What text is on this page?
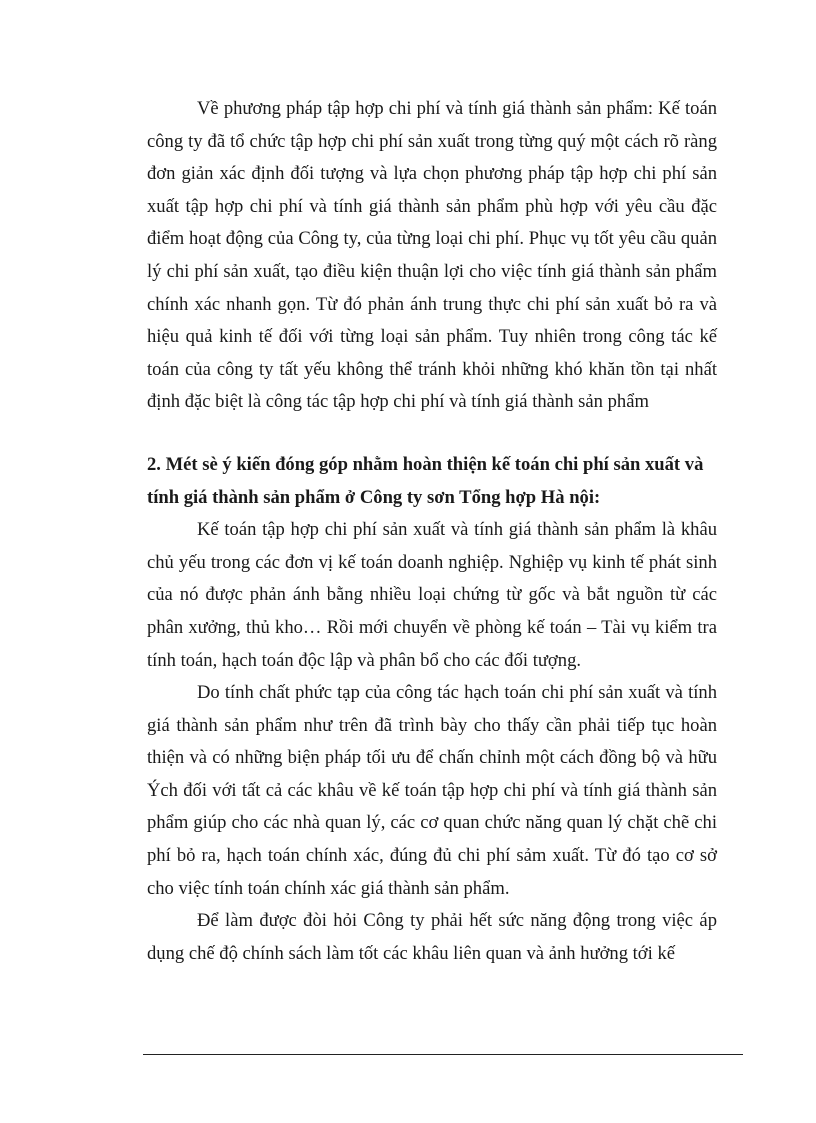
Về phương pháp tập hợp chi phí và tính giá thành sản phẩm: Kế toán công ty đã tổ chức tập hợp chi phí sản xuất trong từng quý một cách rõ ràng đơn giản xác định đối tượng và lựa chọn phương pháp tập hợp chi phí sản xuất tập hợp chi phí và tính giá thành sản phẩm phù hợp với yêu cầu đặc điểm hoạt động của Công ty, của từng loại chi phí. Phục vụ tốt yêu cầu quản lý chi phí sản xuất, tạo điều kiện thuận lợi cho việc tính giá thành sản phẩm chính xác nhanh gọn. Từ đó phản ánh trung thực chi phí sản xuất bỏ ra và hiệu quả kinh tế đối với từng loại sản phẩm. Tuy nhiên trong công tác kế toán của công ty tất yếu không thể tránh khỏi những khó khăn tồn tại nhất định đặc biệt là công tác tập hợp chi phí và tính giá thành sản phẩm

2. Mét sè ý kiến đóng góp nhằm hoàn thiện kế toán chi phí sản xuất và tính giá thành sản phẩm ở Công ty sơn Tổng hợp Hà nội:

Kế toán tập hợp chi phí sản xuất và tính giá thành sản phẩm là khâu chủ yếu trong các đơn vị kế toán doanh nghiệp. Nghiệp vụ kinh tế phát sinh của nó được phản ánh bằng nhiều loại chứng từ gốc và bắt nguồn từ các phân xưởng, thủ kho… Rồi mới chuyển về phòng kế toán – Tài vụ kiểm tra tính toán, hạch toán độc lập và phân bổ cho các đối tượng.

Do tính chất phức tạp của công tác hạch toán chi phí sản xuất và tính giá thành sản phẩm như trên đã trình bày cho thấy cần phải tiếp tục hoàn thiện và có những biện pháp tối ưu để chấn chỉnh một cách đồng bộ và hữu Ých đối với tất cả các khâu về kế toán tập hợp chi phí và tính giá thành sản phẩm giúp cho các nhà quan lý, các cơ quan chức năng quan lý chặt chẽ chi phí bỏ ra, hạch toán chính xác, đúng đủ chi phí sảm xuất. Từ đó tạo cơ sở cho việc tính toán chính xác giá thành sản phẩm.

Để làm được đòi hỏi Công ty phải hết sức năng động trong việc áp dụng chế độ chính sách làm tốt các khâu liên quan và ảnh hưởng tới kế
